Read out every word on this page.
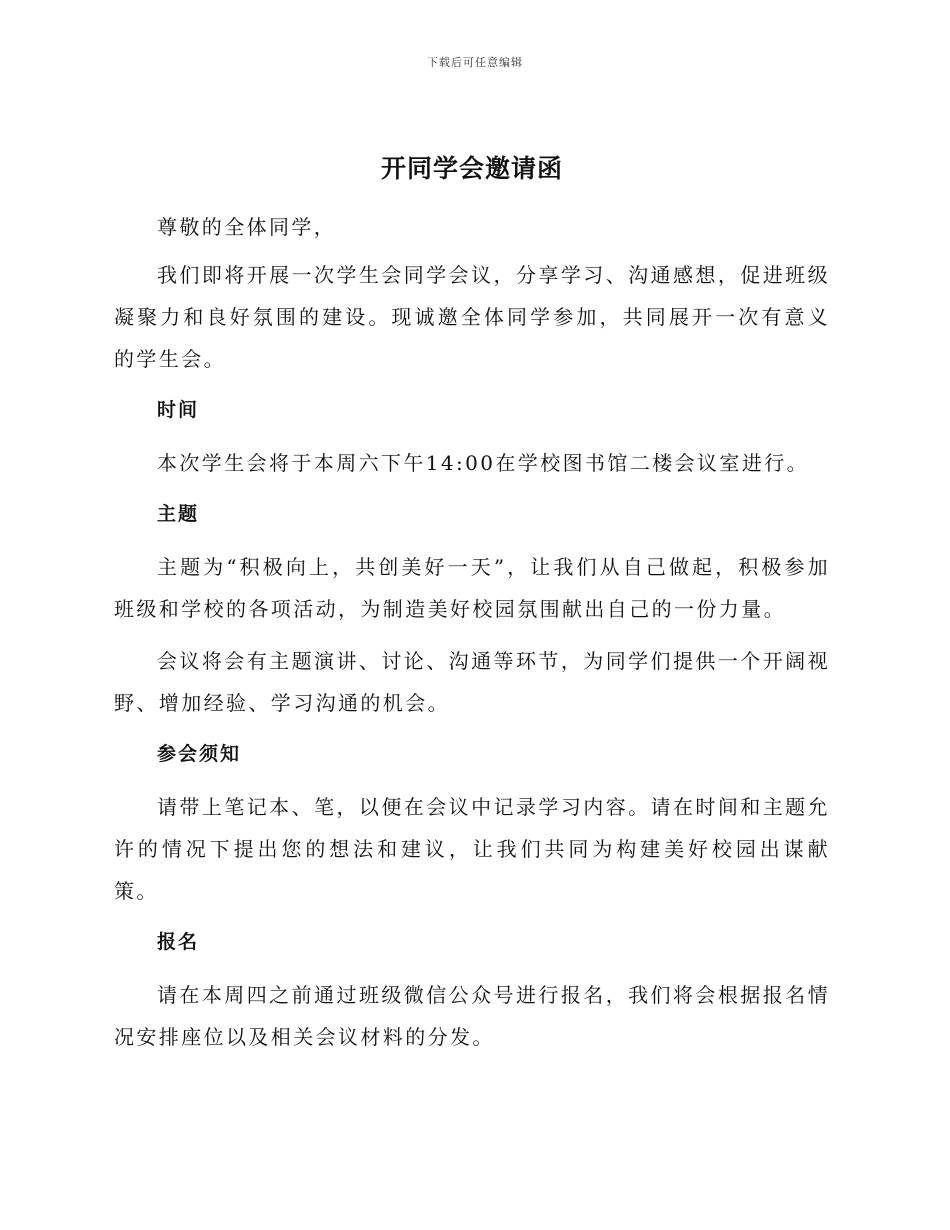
下载后可任意编辑
开同学会邀请函

尊敬的全体同学，

我们即将开展一次学生会同学会议，分享学习、沟通感想，促进班级凝聚力和良好氛围的建设。现诚邀全体同学参加，共同展开一次有意义的学生会。

时间

本次学生会将于本周六下午14:00在学校图书馆二楼会议室进行。

主题

主题为“积极向上，共创美好一天”，让我们从自己做起，积极参加班级和学校的各项活动，为制造美好校园氛围献出自己的一份力量。

会议将会有主题演讲、讨论、沟通等环节，为同学们提供一个开阔视野、增加经验、学习沟通的机会。

参会须知

请带上笔记本、笔，以便在会议中记录学习内容。请在时间和主题允许的情况下提出您的想法和建议，让我们共同为构建美好校园出谋献策。

报名

请在本周四之前通过班级微信公众号进行报名，我们将会根据报名情况安排座位以及相关会议材料的分发。
